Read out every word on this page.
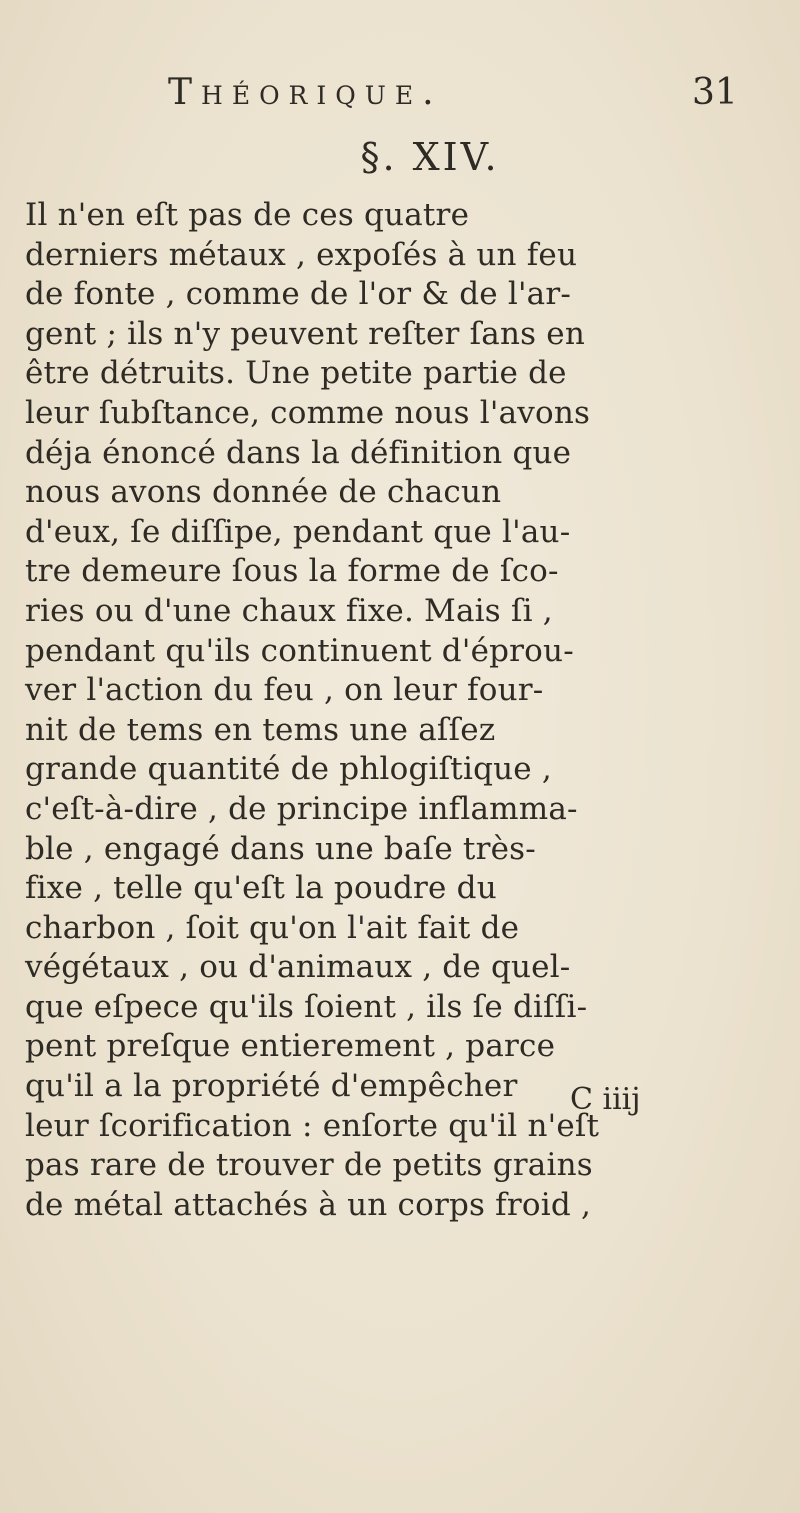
Théorique.	31
§. XIV.
Il n'en eſt pas de ces quatre
derniers métaux , expoſés à un feu
de fonte , comme de l'or & de l'ar-
gent ; ils n'y peuvent reſter ſans en
être détruits. Une petite partie de
leur ſubſtance, comme nous l'avons
déja énoncé dans la définition que
nous avons donnée de chacun
d'eux, ſe diſſipe, pendant que l'au-
tre demeure ſous la forme de ſco-
ries ou d'une chaux fixe. Mais ſi ,
pendant qu'ils continuent d'éprou-
ver l'action du feu , on leur four-
nit de tems en tems une aſſez
grande quantité de phlogiſtique ,
c'eſt-à-dire , de principe inflamma-
ble , engagé dans une baſe très-
fixe , telle qu'eſt la poudre du
charbon , ſoit qu'on l'ait fait de
végétaux , ou d'animaux , de quel-
que eſpece qu'ils ſoient , ils ſe diſſi-
pent preſque entierement , parce
qu'il a la propriété d'empêcher
leur ſcorification : enſorte qu'il n'eſt
pas rare de trouver de petits grains
de métal attachés à un corps froid ,
C iiij
